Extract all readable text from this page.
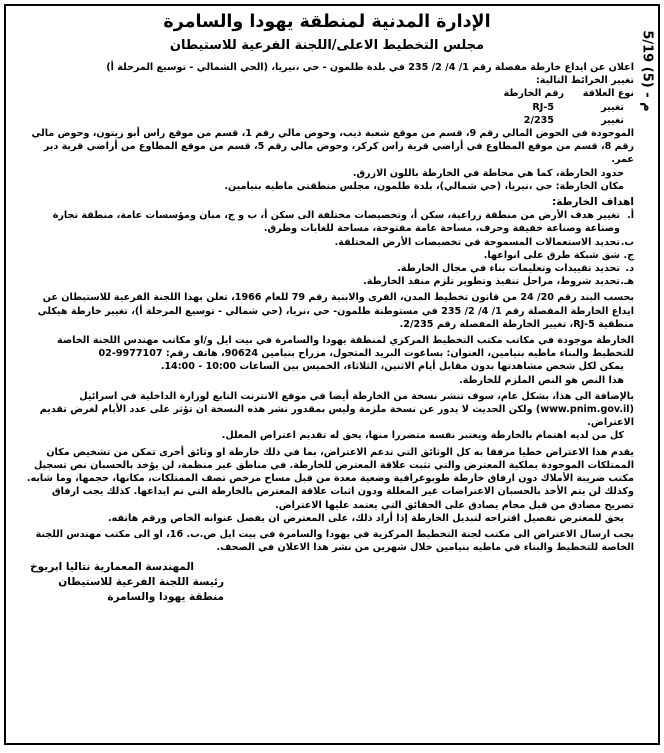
م - (5) 5/19
الإدارة المدنية لمنطقة يهودا والسامرة
مجلس التخطيط الاعلى/اللجنة الفرعية للاستيطان

اعلان عن ايداع خارطة مفصلة رقم 1/ 4/ 2/ 235 في بلدة طلمون - حي ،نيريا، (الحي الشمالي - توسيع المرحلة أ)

تغيير الخرائط التالية:

نوع العلاقة
رقم الخارطة
تغيير
RJ-5
تغيير
2/235

الموجودة في الحوض المالي رقم 9، قسم من موقع شعبة ذيب، وحوض مالي رقم 1، قسم من موقع راس أبو زيتون، وحوض مالي رقم 8، قسم من موقع المطاوع في أراضي قرية راس كركر، وحوض مالي رقم 5، قسم من موقع المطاوع من أراضي قرية دير عمر.

حدود الخارطة، كما هي محاطة في الخارطة باللون الازرق.

مكان الخارطة: حي ،نيريا، (حي شمالي)، بلدة طلمون، مجلس منطقتي ماطيه بنيامين.

اهداف الخارطة:
أ.
تغيير هدف الأرض من منطقة زراعية، سكن أ، وتخصيصات مختلفة الى سكن أ، ب و ج، مبان ومؤسسات عامة، منطقة تجارة وصناعة وصناعة خفيفة وحرف، مساحة عامة مفتوحة، مساحة للغابات وطرق.
ب.
تحديد الاستعمالات المسموحة في تخصيصات الأرض المختلفة.
ج.
شق شبكة طرق على انواعها.
د.
تحديد تقييدات وتعليمات بناء في مجال الخارطة.
هـ.
تحديد شروط، مراحل تنفيذ وتطوير تلزم منفذ الخارطة.

بحسب البند رقم 20/ 24 من قانون تخطيط المدن، القرى والابنية رقم 79 للعام 1966، تعلن بهذا اللجنة الفرعية للاستيطان عن ايداع الخارطة المفصلة رقم 1/ 4/ 2/ 235 في مستوطنة طلمون- حي ،نريا، (حي شمالي - توسيع المرحلة أ)، تغيير خارطة هيكلي منطقية RJ-5، تغيير الخارطة المفصلة رقم 2/235.

الخارطة موجودة في مكاتب مكتب التخطيط المركزي لمنطقة يهودا والسامرة في بيت ايل و/او مكاتب مهندس اللجنة الخاصة للتخطيط والبناء ماطيه بنيامين، العنوان: بساغوت البريد المتجول، مزراح بنيامين 90624، هاتف رقم: 9977107-02

يمكن لكل شخص مشاهدتها بدون مقابل أيام الاثنين، الثلاثاء، الخميس بين الساعات 10:00 - 14:00.

هذا النص هو النص الملزم للخارطة.

بالإضافة الى هذا، بشكل عام، سوف تنشر نسخة من الخارطة أيضا في موقع الانترنت التابع لوزارة الداخلية في اسرائيل (www.pnim.gov.il) ولكن الحديث لا يدور عن نسخة ملزمة وليس بمقدور نشر هذه النسخة ان تؤثر على عدد الأيام لغرض تقديم الاعتراض.

كل من لديه اهتمام بالخارطة ويعتبر نفسه متضررا منها، يحق له تقديم اعتراض المعلل.

يقدم هذا الاعتراض خطيا مرفقا به كل الوثائق التي تدعم الاعتراض، بما في ذلك خارطة او وثائق أخرى تمكن من تشخيص مكان الممتلكات الموجودة بملكية المعترض والتي تثبت علاقة المعترض للخارطة. في مناطق غير منظمة، لن يؤخذ بالحسبان نص تسجيل مكتب ضريبة الأملاك دون ارفاق خارطة طوبوغرافية وضعية معدة من قبل مساح مرخص تصف الممتلكات، مكانها، حجمها، وما شابه. وكذلك لن يتم الأخذ بالحسبان الاعتراضات غير المعللة ودون اثبات علاقة المعترض بالخارطة التي تم ايداعها. كذلك يجب ارفاق تصريح مصادق من قبل محام يصادق على الحقائق التي يعتمد عليها الاعتراض.

يحق للمعترض تفصيل اقتراحه لتبديل الخارطة إذا أراد ذلك، على المعترض ان يفصل عنوانه الخاص ورقم هاتفه.

يجب ارسال الاعتراض الى مكتب لجنة التخطيط المركزية في يهودا والسامرة في بيت ايل ص.ب. 16، او الى مكتب مهندس اللجنة الخاصة للتخطيط والبناء في ماطيه بنيامين خلال شهرين من نشر هذا الاعلان في الصحف.

المهندسة المعمارية نتاليا ابريوخ
رئيسة اللجنة الفرعية للاستيطان منطقة يهودا والسامرة
